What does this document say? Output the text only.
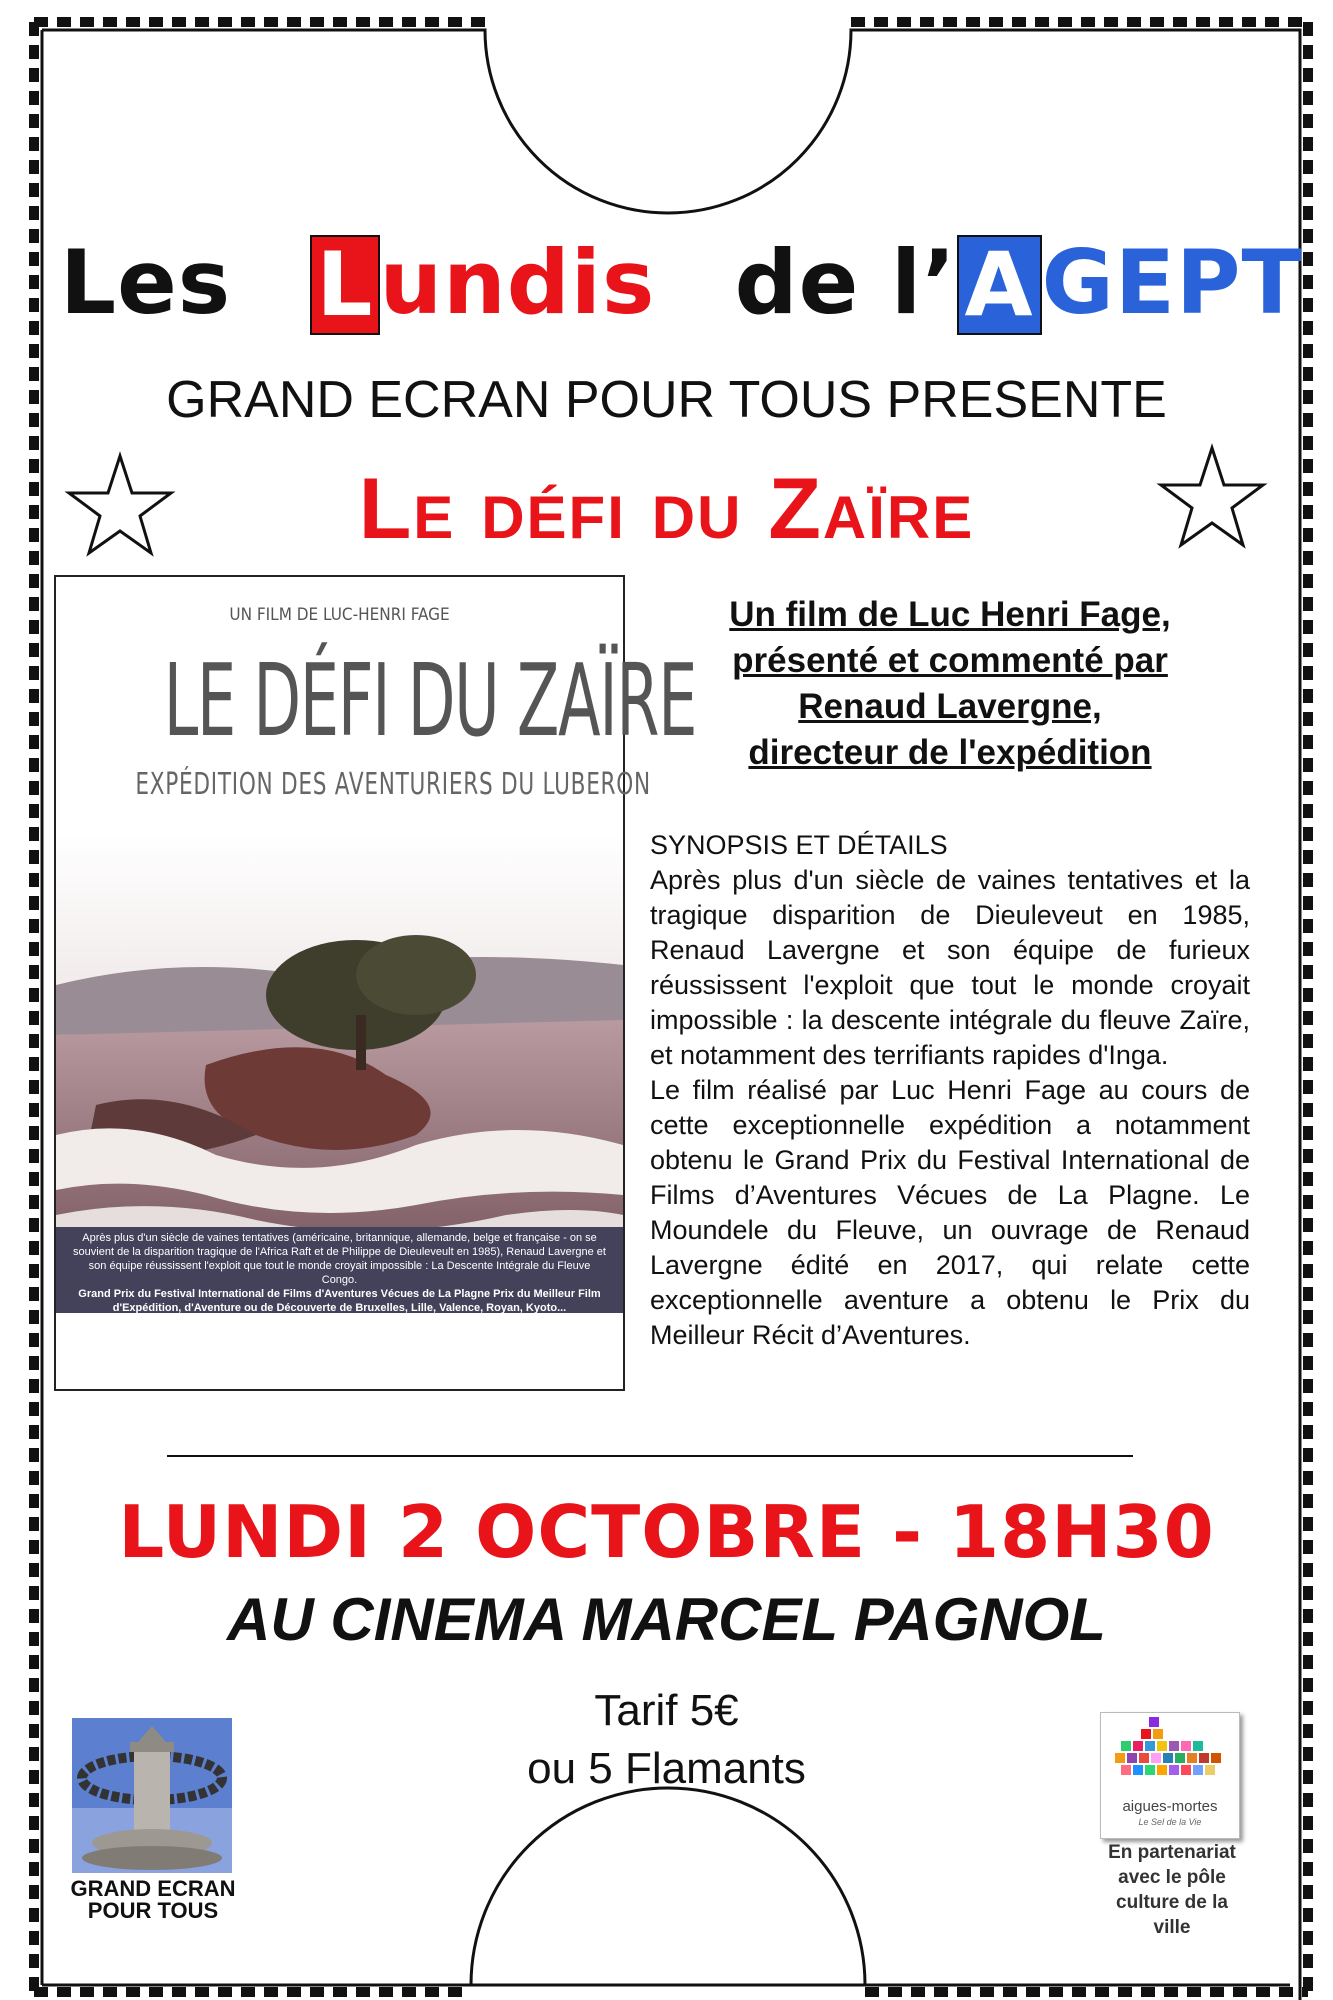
Les Lundis de l’AGEPT
GRAND ECRAN POUR TOUS PRESENTE
Le défi du Zaïre
UN FILM DE LUC-HENRI FAGE
LE DÉFI DU ZAÏRE
EXPÉDITION DES AVENTURIERS DU LUBERON
Après plus d'un siècle de vaines tentatives (américaine, britannique, allemande, belge et française - on se souvient de la disparition tragique de l'Africa Raft et de Philippe de Dieuleveult en 1985), Renaud Lavergne et son équipe réussissent l'exploit que tout le monde croyait impossible : La Descente Intégrale du Fleuve Congo.
Grand Prix du Festival International de Films d'Aventures Vécues de La Plagne Prix du Meilleur Film d'Expédition, d'Aventure ou de Découverte de Bruxelles, Lille, Valence, Royan, Kyoto...
Un film de Luc Henri Fage,
présenté et commenté par
Renaud Lavergne,
directeur de l'expédition

SYNOPSIS ET DÉTAILS

Après plus d'un siècle de vaines tentatives et la tragique disparition de Dieuleveut en 1985, Renaud Lavergne et son équipe de furieux réussissent l'exploit que tout le monde croyait impossible : la descente intégrale du fleuve Zaïre, et notamment des terrifiants rapides d'Inga.

Le film réalisé par Luc Henri Fage au cours de cette exceptionnelle expédition a notamment obtenu le Grand Prix du Festival International de Films d’Aventures Vécues de La Plagne. Le Moundele du Fleuve, un ouvrage de Renaud Lavergne édité en 2017, qui relate cette exceptionnelle aventure a obtenu le Prix du Meilleur Récit d’Aventures.

LUNDI 2 OCTOBRE - 18H30
AU CINEMA MARCEL PAGNOL
Tarif 5€
ou 5 Flamants
GRAND ECRAN
POUR TOUS
aigues-mortes
Le Sel de la Vie
En partenariat
avec le pôle
culture de la
ville
